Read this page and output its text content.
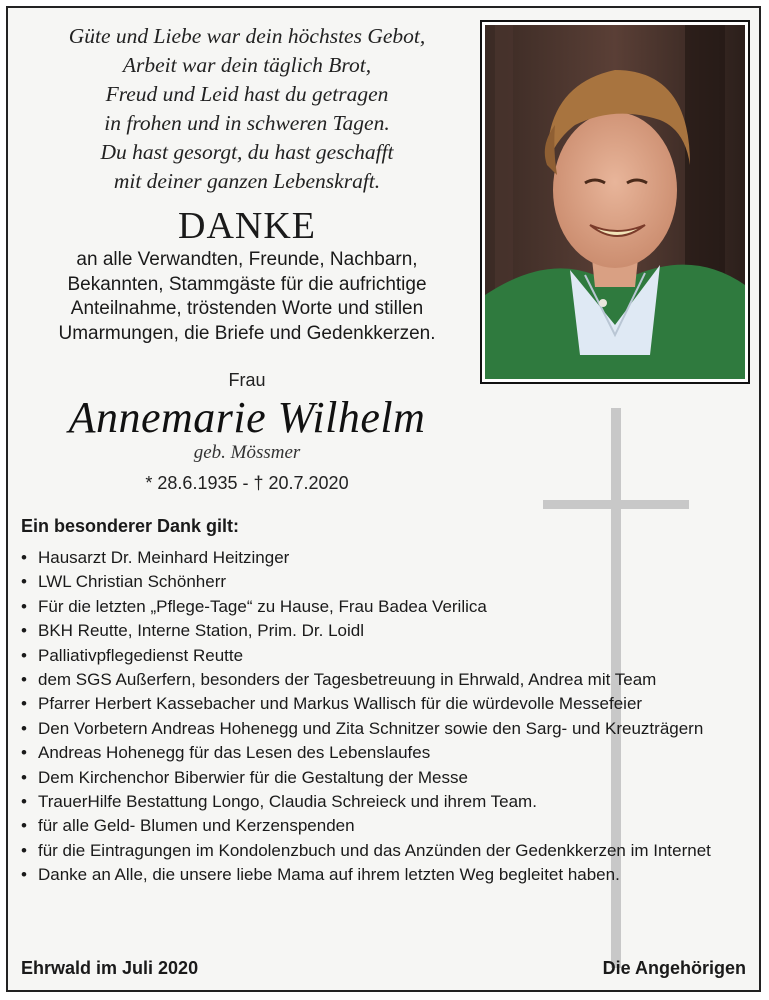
Güte und Liebe war dein höchstes Gebot,
Arbeit war dein täglich Brot,
Freud und Leid hast du getragen
in frohen und in schweren Tagen.
Du hast gesorgt, du hast geschafft
mit deiner ganzen Lebenskraft.
DANKE
an alle Verwandten, Freunde, Nachbarn,
Bekannten, Stammgäste für die aufrichtige
Anteilnahme, tröstenden Worte und stillen
Umarmungen, die Briefe und Gedenkkerzen.
Frau
Annemarie Wilhelm
geb. Mössmer
* 28.6.1935 - † 20.7.2020
Ein besonderer Dank gilt:
• Hausarzt Dr. Meinhard Heitzinger
• LWL Christian Schönherr
• Für die letzten „Pflege-Tage“ zu Hause, Frau Badea Verilica
• BKH Reutte, Interne Station, Prim. Dr. Loidl
• Palliativpflegedienst Reutte
• dem SGS Außerfern, besonders der Tagesbetreuung in Ehrwald, Andrea mit Team
• Pfarrer Herbert Kassebacher und Markus Wallisch für die würdevolle Messefeier
• Den Vorbetern Andreas Hohenegg und Zita Schnitzer sowie den Sarg- und Kreuzträgern
• Andreas Hohenegg für das Lesen des Lebenslaufes
• Dem Kirchenchor Biberwier für die Gestaltung der Messe
• TrauerHilfe Bestattung Longo, Claudia Schreieck und ihrem Team.
• für alle Geld- Blumen und Kerzenspenden
• für die Eintragungen im Kondolenzbuch und das Anzünden der Gedenkkerzen im Internet
• Danke an Alle, die unsere liebe Mama auf ihrem letzten Weg begleitet haben.
Ehrwald im Juli 2020	Die Angehörigen
